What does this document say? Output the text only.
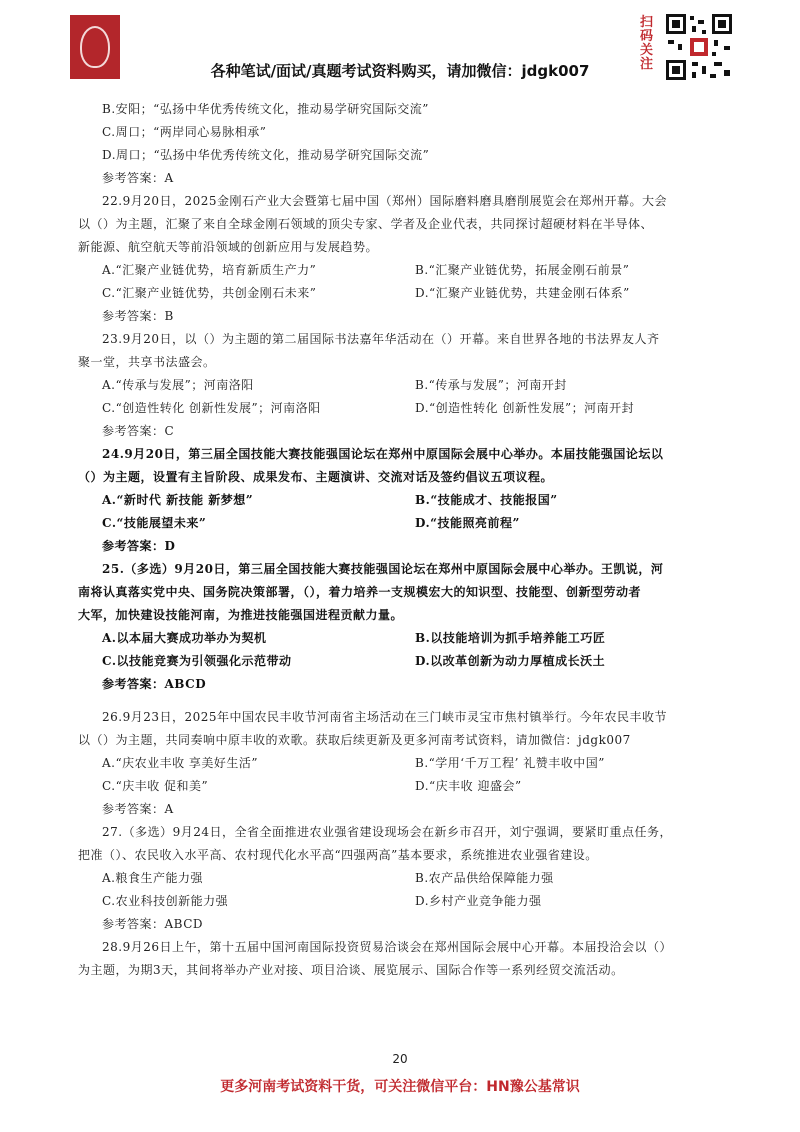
各种笔试/面试/真题考试资料购买，请加微信：jdgk007
扫码关注
B.安阳；“弘扬中华优秀传统文化，推动易学研究国际交流”
C.周口；“两岸同心易脉相承”
D.周口；“弘扬中华优秀传统文化，推动易学研究国际交流”
参考答案：A
22.9月20日，2025金刚石产业大会暨第七届中国（郑州）国际磨料磨具磨削展览会在郑州开幕。大会
以（）为主题，汇聚了来自全球金刚石领域的顶尖专家、学者及企业代表，共同探讨超硬材料在半导体、
新能源、航空航天等前沿领域的创新应用与发展趋势。
A.“汇聚产业链优势，培育新质生产力”	B.“汇聚产业链优势，拓展金刚石前景”
C.“汇聚产业链优势，共创金刚石未来”	D.“汇聚产业链优势，共建金刚石体系”
参考答案：B
23.9月20日，以（）为主题的第二届国际书法嘉年华活动在（）开幕。来自世界各地的书法界友人齐
聚一堂，共享书法盛会。
A.“传承与发展”；河南洛阳	B.“传承与发展”；河南开封
C.“创造性转化 创新性发展”；河南洛阳	D.“创造性转化 创新性发展”；河南开封
参考答案：C
24.9月20日，第三届全国技能大赛技能强国论坛在郑州中原国际会展中心举办。本届技能强国论坛以
（）为主题，设置有主旨阶段、成果发布、主题演讲、交流对话及签约倡议五项议程。
A.“新时代 新技能 新梦想”	B.“技能成才、技能报国”
C.“技能展望未来”	D.“技能照亮前程”
参考答案：D
25.（多选）9月20日，第三届全国技能大赛技能强国论坛在郑州中原国际会展中心举办。王凯说，河
南将认真落实党中央、国务院决策部署，（），着力培养一支规模宏大的知识型、技能型、创新型劳动者
大军，加快建设技能河南，为推进技能强国进程贡献力量。
A.以本届大赛成功举办为契机	B.以技能培训为抓手培养能工巧匠
C.以技能竞赛为引领强化示范带动	D.以改革创新为动力厚植成长沃土
参考答案：ABCD
26.9月23日，2025年中国农民丰收节河南省主场活动在三门峡市灵宝市焦村镇举行。今年农民丰收节
以（）为主题，共同奏响中原丰收的欢歌。获取后续更新及更多河南考试资料，请加微信：jdgk007
A.“庆农业丰收 享美好生活”	B.“学用‘千万工程’ 礼赞丰收中国”
C.“庆丰收 促和美”	D.“庆丰收 迎盛会”
参考答案：A
27.（多选）9月24日，全省全面推进农业强省建设现场会在新乡市召开，刘宁强调，要紧盯重点任务，
把准（）、农民收入水平高、农村现代化水平高“四强两高”基本要求，系统推进农业强省建设。
A.粮食生产能力强	B.农产品供给保障能力强
C.农业科技创新能力强	D.乡村产业竞争能力强
参考答案：ABCD
28.9月26日上午，第十五届中国河南国际投资贸易洽谈会在郑州国际会展中心开幕。本届投洽会以（）
为主题，为期3天，其间将举办产业对接、项目洽谈、展览展示、国际合作等一系列经贸交流活动。
20
更多河南考试资料干货，可关注微信平台：HN豫公基常识
